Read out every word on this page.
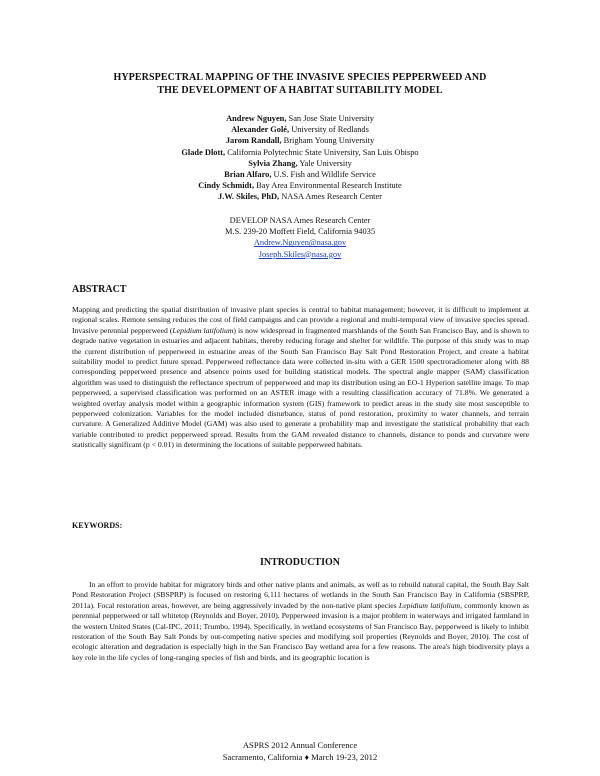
HYPERSPECTRAL MAPPING OF THE INVASIVE SPECIES PEPPERWEED AND
THE DEVELOPMENT OF A HABITAT SUITABILITY MODEL
Andrew Nguyen, San Jose State University
Alexander Golé, University of Redlands
Jarom Randall, Brigham Young University
Glade Dlott, California Polytechnic State University, San Luis Obispo
Sylvia Zhang, Yale University
Brian Alfaro, U.S. Fish and Wildlife Service
Cindy Schmidt, Bay Area Environmental Research Institute
J.W. Skiles, PhD, NASA Ames Research Center
DEVELOP NASA Ames Research Center
M.S. 239-20 Moffett Field, California 94035
Andrew.Nguyen@nasa.gov
Joseph.Skiles@nasa.gov
ABSTRACT
Mapping and predicting the spatial distribution of invasive plant species is central to habitat management; however, it is difficult to implement at regional scales. Remote sensing reduces the cost of field campaigns and can provide a regional and multi-temporal view of invasive species spread. Invasive perennial pepperweed (Lepidium latifolium) is now widespread in fragmented marshlands of the South San Francisco Bay, and is shown to degrade native vegetation in estuaries and adjacent habitats, thereby reducing forage and shelter for wildlife. The purpose of this study was to map the current distribution of pepperweed in estuarine areas of the South San Francisco Bay Salt Pond Restoration Project, and create a habitat suitability model to predict future spread. Pepperweed reflectance data were collected in-situ with a GER 1500 spectroradiometer along with 88 corresponding pepperweed presence and absence points used for building statistical models. The spectral angle mapper (SAM) classification algorithm was used to distinguish the reflectance spectrum of pepperweed and map its distribution using an EO-1 Hyperion satellite image. To map pepperweed, a supervised classification was performed on an ASTER image with a resulting classification accuracy of 71.8%. We generated a weighted overlay analysis model within a geographic information system (GIS) framework to predict areas in the study site most susceptible to pepperweed colonization. Variables for the model included disturbance, status of pond restoration, proximity to water channels, and terrain curvature. A Generalized Additive Model (GAM) was also used to generate a probability map and investigate the statistical probability that each variable contributed to predict pepperweed spread. Results from the GAM revealed distance to channels, distance to ponds and curvature were statistically significant (p < 0.01) in determining the locations of suitable pepperweed habitats.
KEYWORDS:
INTRODUCTION
In an effort to provide habitat for migratory birds and other native plants and animals, as well as to rebuild natural capital, the South Bay Salt Pond Restoration Project (SBSPRP) is focused on restoring 6,111 hectares of wetlands in the South San Francisco Bay in California (SBSPRP, 2011a). Focal restoration areas, however, are being aggressively invaded by the non-native plant species Lepidium latifolium, commonly known as perennial pepperweed or tall whitetop (Reynolds and Boyer, 2010). Pepperweed invasion is a major problem in waterways and irrigated farmland in the western United States (Cal-IPC, 2011; Trumbo, 1994). Specifically, in wetland ecosystems of San Francisco Bay, pepperweed is likely to inhibit restoration of the South Bay Salt Ponds by out-competing native species and modifying soil properties (Reynolds and Boyer, 2010). The cost of ecologic alteration and degradation is especially high in the San Francisco Bay wetland area for a few reasons. The area's high biodiversity plays a key role in the life cycles of long-ranging species of fish and birds, and its geographic location is
ASPRS 2012 Annual Conference
Sacramento, California ♦ March 19-23, 2012
